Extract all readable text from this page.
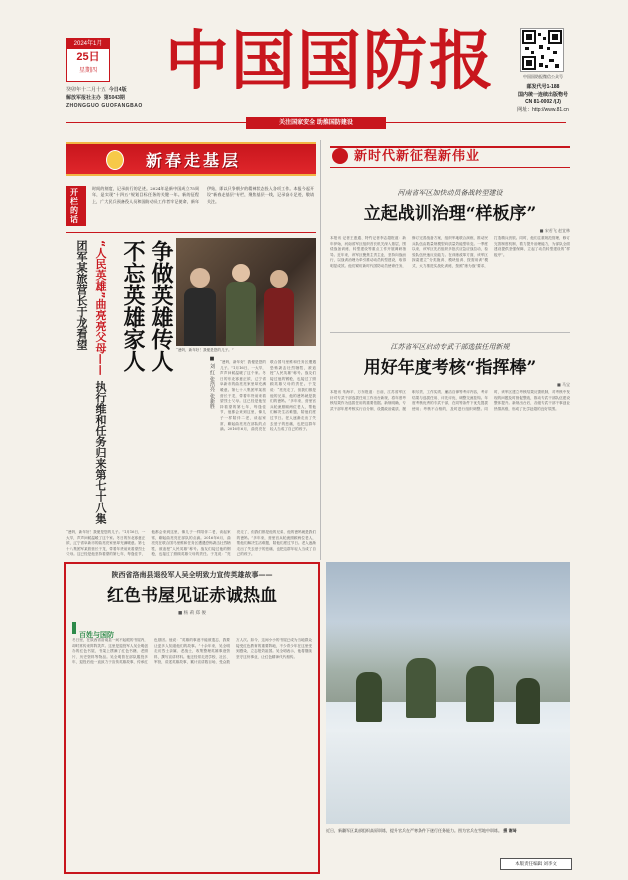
2024年1月
25日
星期四
癸卯年十二月十五 今日4版
解放军报社主办 第5043期
ZHONGGUO GUOFANGBAO
中国国防报	中国国防报微信公众号
邮发代号1-188
国内统一连续出版物号
CN 81-0002 /(J)
网址：http://www.81.cn
关注国家安全 助推国防建设
新春走基层
开栏的话
时间的刻度，记录前行的足迹。2024年是新中国成立75周年，是实现“十四五”规划目标任务的关键一年。新的征程上，广大民兵预备役人员和国防动员工作者牢记使命，新年伊始，即以只争朝夕的精神状态投入各项工作。本报今起开设“新春走基层”专栏，聚焦基层一线，记录奋斗足迹，敬请关注。
“人民英雄”曲亮亮父母—— 执行维和任务归来第七十八集团军某旅营长于龙看望	争做英雄传人
不忘英雄家人	“爸妈，新年好！我便是您的儿子。”
■ 刘 红 张浩亮 张新胜
“爸妈，新年好！我便是您的儿子。”1月16日，一大早，声声问候温暖了这个家。冬日的东北寒意正浓，辽宁省阜新市的曲亮亮家里却充满暖意。第七十八集团军某旅营长于龙，带着年货前来看望烈士父母。这已经是他坚持看望的第七年，每逢佳节，他都会来到这里，像儿子一样陪伴二老，谈起家常，聊起曲亮亮在部队的点滴。2016年6月，曲亮亮在联合国马里维和任务区遭遇恐怖袭击壮烈牺牲，被追授“人民英雄”称号。战友们接过他的钢枪，也接过了照顾英雄父母的责任。于龙说：“亮亮走了，但我们都是他的兄弟，他的爸妈就是我们的爸妈。”多年来，营里官兵轮流照顾两位老人，帮他们解决生活难题，陪他们度过节日。老人逐渐走出了失去爱子的悲痛，也把这群年轻人当成了自己的孩子。
“爸妈，新年好！我便是您的儿子。”1月16日，一大早，声声问候温暖了这个家。冬日的东北寒意正浓，辽宁省阜新市的曲亮亮家里却充满暖意。第七十八集团军某旅营长于龙，带着年货前来看望烈士父母。这已经是他坚持看望的第七年，每逢佳节，他都会来到这里，像儿子一样陪伴二老，谈起家常，聊起曲亮亮在部队的点滴。2016年6月，曲亮亮在联合国马里维和任务区遭遇恐怖袭击壮烈牺牲，被追授“人民英雄”称号。战友们接过他的钢枪，也接过了照顾英雄父母的责任。于龙说：“亮亮走了，但我们都是他的兄弟，他的爸妈就是我们的爸妈。”多年来，营里官兵轮流照顾两位老人，帮他们解决生活难题，陪他们度过节日。老人逐渐走出了失去爱子的悲痛，也把这群年轻人当成了自己的孩子。
新时代新征程新伟业
河南省军区加快动员备战转型建设
立起战训治理“样板序”
■ 宋若飞 赵宜林
本报讯 记者王惠通、特约记者李志超报道：新年伊始，河南省军区组织首长机关深入基层，围绕战备训练、转型建设等重点工作开展调研指导。近年来，该军区聚焦主责主业，坚持向战而行，以战训治理为牵引推动动员转型建设，取得明显成效。他们紧盯新时代国防动员使命任务，修订完善战备方案，组织军地联合演练，推动民兵队伍由数量规模型向质量效能型转变。一季度以来，该军区先后组织多批次应急应战拉动，检验队伍快速反应能力。在训练改革方面，该军区探索建立“分类施训、模块组训、按需用训”模式，大力推进实战化训练，按照“练为战”要求，打造精兵劲旅。同时，他们注重规范管理，修订完善制度机制，着力提升治理能力，为部队全面建设提供坚强保障，立起了动员转型建设的“样板序”。
江苏省军区启动专武干部选拔任用新规
用好年度考核“指挥棒”
■ 马宝
本报讯 朱海平、万东报道：日前，江苏省军区针对专武干部选拔任用工作出台新规，将年度考核结果作为选拔任用的重要依据。新规明确，专武干部年度考核实行百分制，设置政治素质、履职尽责、工作实绩、廉洁自律等考评内容，考评结果与选拔任用、评先评优、调整交流挂钩。年度考核优秀的专武干部，在同等条件下优先提拔使用；考核不合格的，及时进行组织调整。同时，该军区建立考核结果反馈机制，对考核中发现的问题及时督促整改，推动专武干部队伍建设整体提升。新规出台后，各级专武干部干事创业热情高涨，形成了比学赶超的良好氛围。
陕西省洛南县退役军人吴全明致力宣传英雄故事——
红色书屋见证赤诚热血
■ 杨 莉 郑 俊
百姓与国防
冬日里，在陕西省洛南县一间不起眼的书屋内，却时常传来阵阵笑声。这里是退役军人吴全明创办的红色书屋，书架上摆满了红色书籍、老照片、历史资料等物品。吴全明曾在部队服役多年，退役后他一直致力于宣传英雄故事，传承红色基因。他说：“英雄的事迹不能被遗忘，我要让更多人知道他们的故事。”十余年来，吴全明走访烈士亲属、老战士，收集整理英雄事迹资料，撰写宣讲材料。他还经常走进学校、社区、军营，讲述英雄故事，累计宣讲数百场，受众数万人次。如今，这间小小的书屋已成为当地群众接受红色教育的重要阵地，不少青少年在这里受到感染，立志报效祖国。吴全明表示，他将继续坚守这份事业，让红色精神代代相传。
近日，新疆军区某部组织高原训练，提升官兵在严寒条件下遂行任务能力。图为官兵在雪地中训练。 摄 谢琦
本版责任编辑 刘李文
